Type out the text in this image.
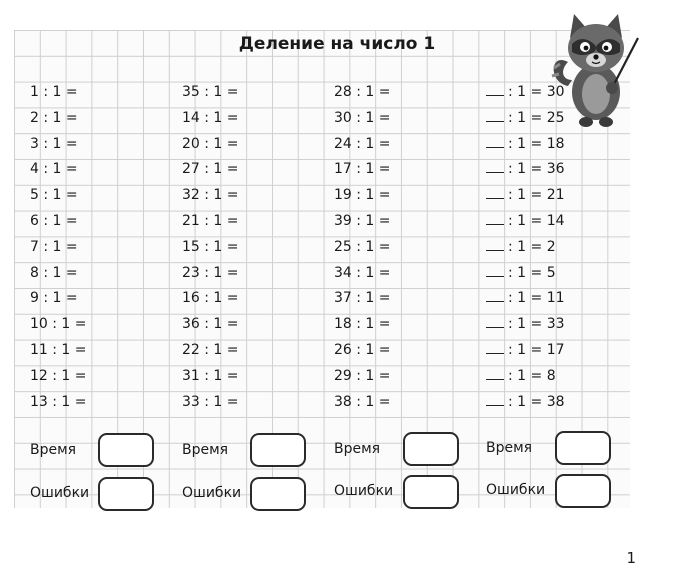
Деление на число 1
1 : 1 =
2 : 1 =
3 : 1 =
4 : 1 =
5 : 1 =
6 : 1 =
7 : 1 =
8 : 1 =
9 : 1 =
10 : 1 =
11 : 1 =
12 : 1 =
13 : 1 =
35 : 1 =
14 : 1 =
20 : 1 =
27 : 1 =
32 : 1 =
21 : 1 =
15 : 1 =
23 : 1 =
16 : 1 =
36 : 1 =
22 : 1 =
31 : 1 =
33 : 1 =
28 : 1 =
30 : 1 =
24 : 1 =
17 : 1 =
19 : 1 =
39 : 1 =
25 : 1 =
34 : 1 =
37 : 1 =
18 : 1 =
26 : 1 =
29 : 1 =
38 : 1 =
: 1 = 30
: 1 = 25
: 1 = 18
: 1 = 36
: 1 = 21
: 1 = 14
: 1 = 2
: 1 = 5
: 1 = 11
: 1 = 33
: 1 = 17
: 1 = 8
: 1 = 38
Время
Ошибки
Время
Ошибки
Время
Ошибки
Время
Ошибки
1
